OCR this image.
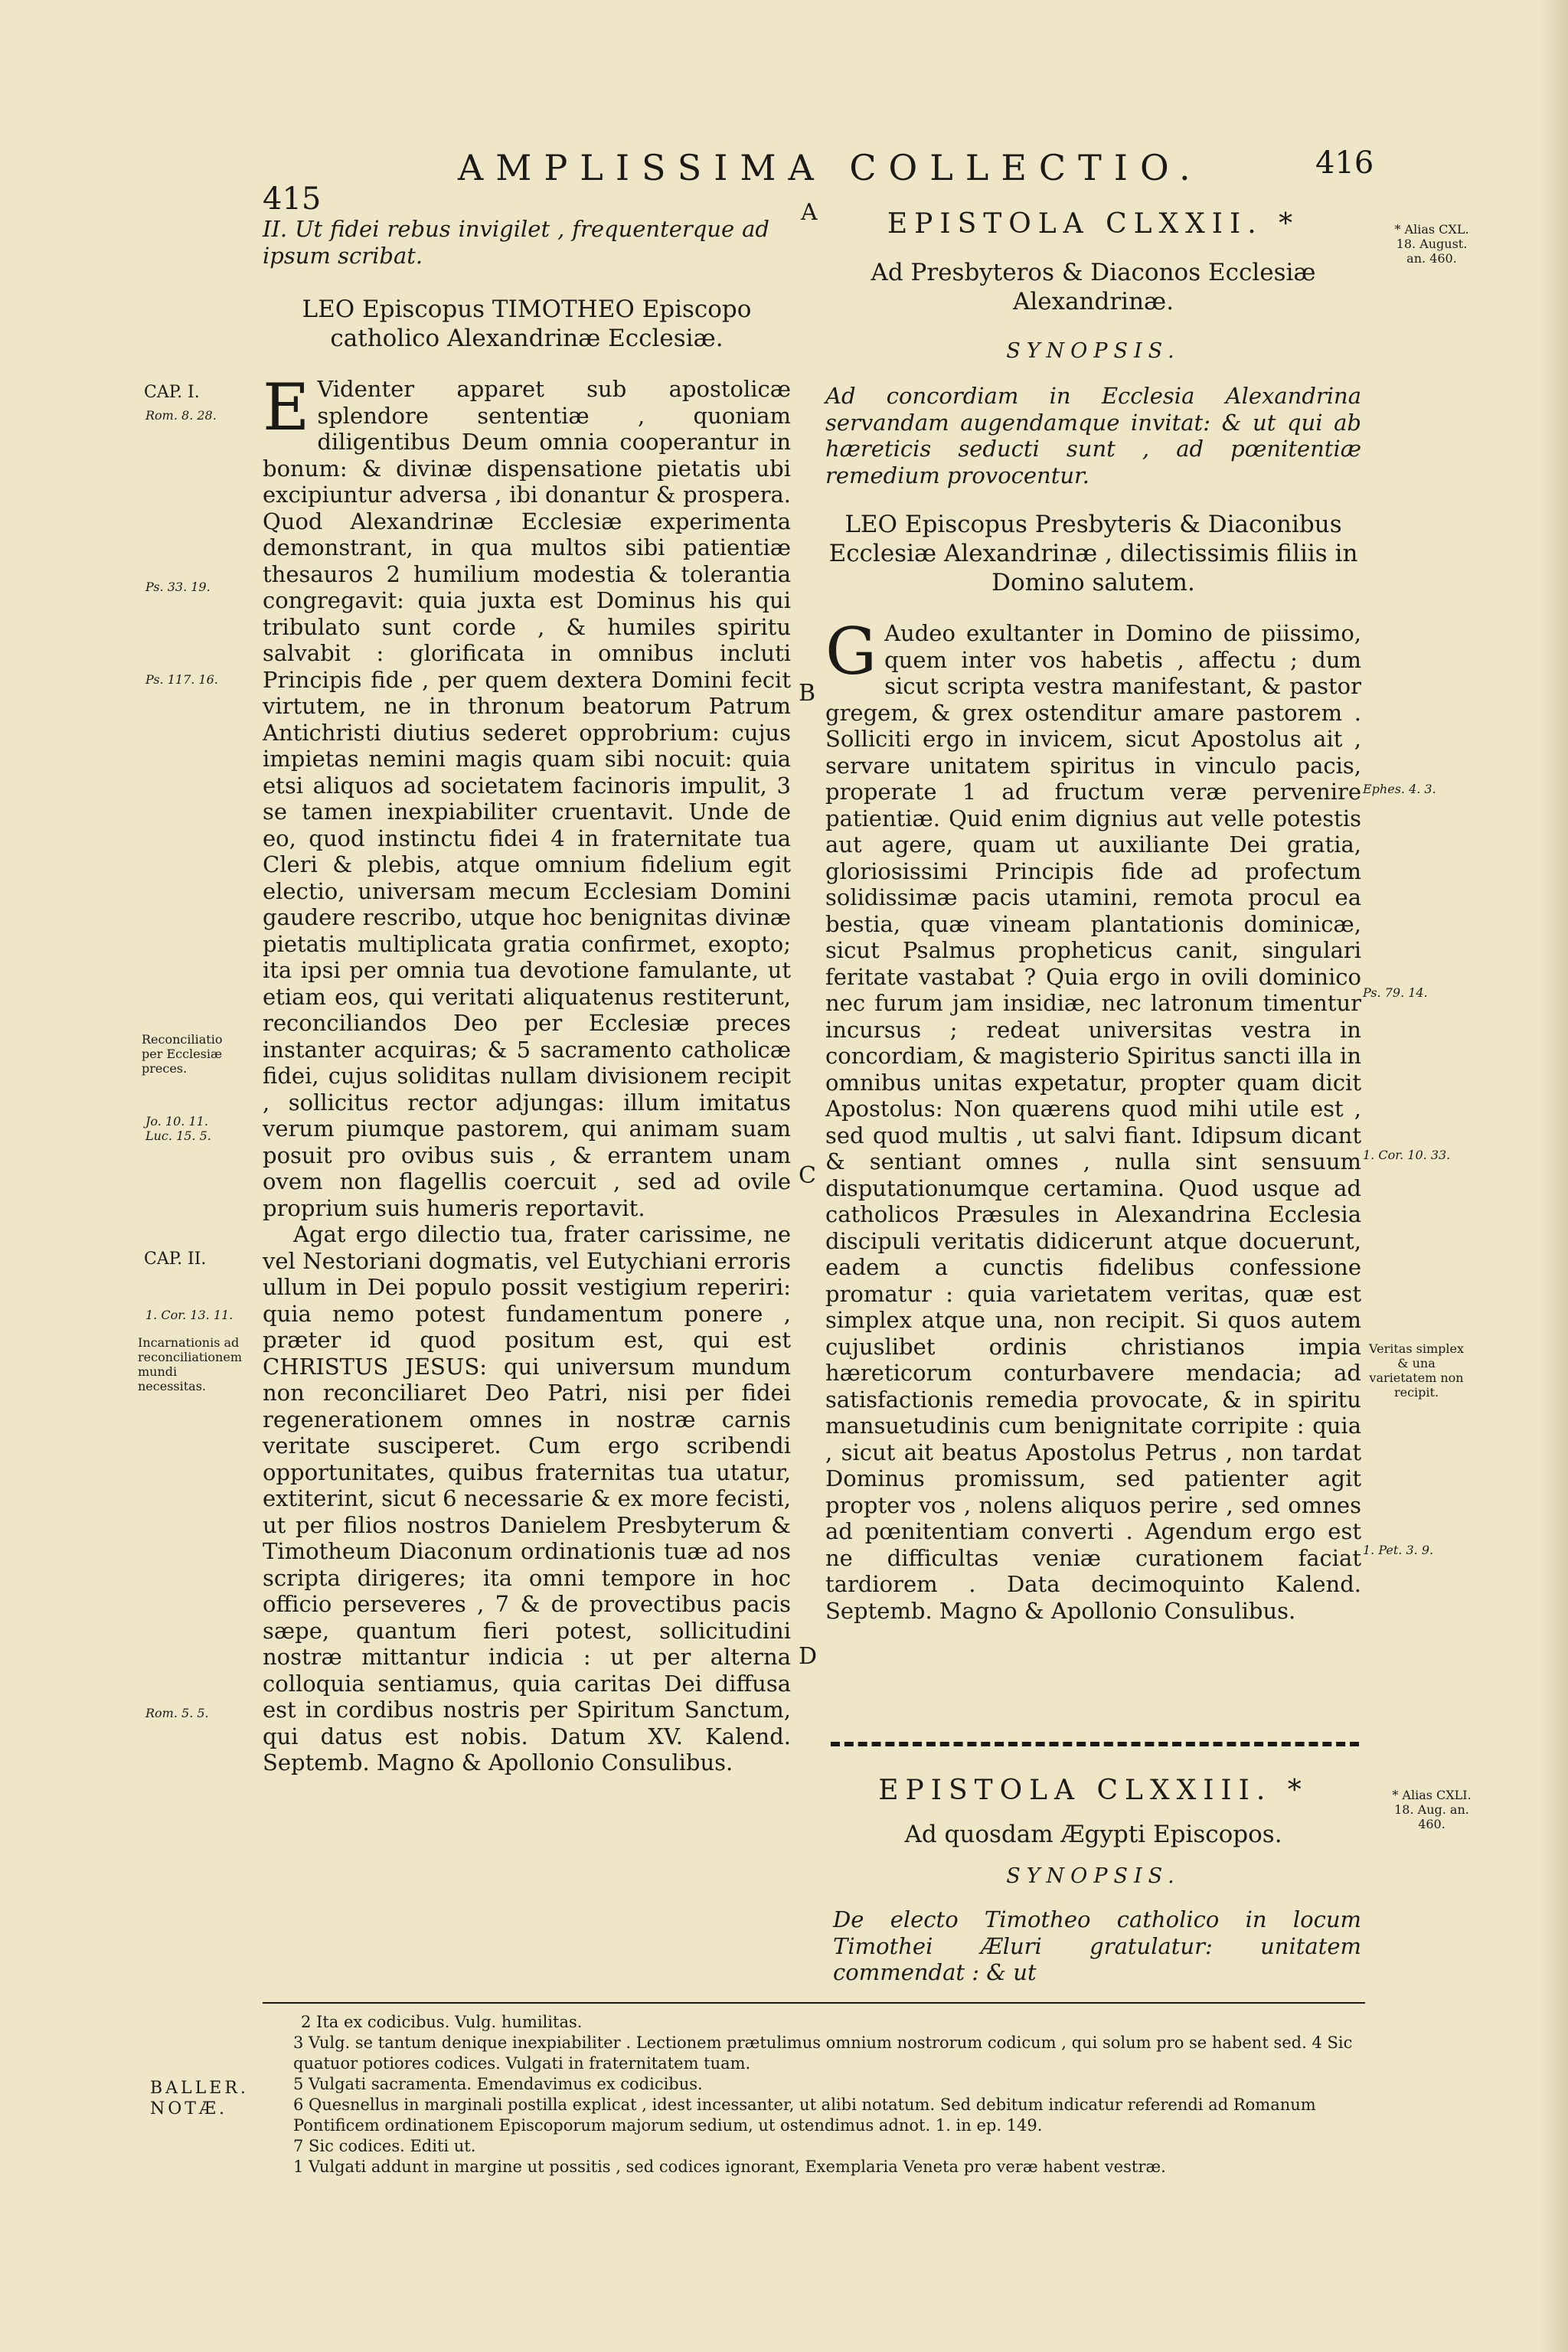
415
AMPLISSIMA COLLECTIO.	416
CAP. I.
Rom. 8. 28.
Ps. 33. 19.
Ps. 117. 16.
Reconciliatio per Ecclesiæ preces.
Jo. 10. 11. Luc. 15. 5.
CAP. II.
1. Cor. 13. 11.
Incarnationis ad reconciliationem mundi necessitas.
Rom. 5. 5.

II. Ut fidei rebus invigilet , frequenterque ad ipsum scribat.

LEO Episcopus TIMOTHEO Episcopo catholico Alexandrinæ Ecclesiæ.

E Videnter apparet sub apostolicæ splendore sententiæ , quoniam diligentibus Deum omnia cooperantur in bonum: & divinæ dispensatione pietatis ubi excipiuntur adversa , ibi donantur & prospera. Quod Alexandrinæ Ecclesiæ experimenta demonstrant, in qua multos sibi patientiæ thesauros 2 humilium modestia & tolerantia congregavit: quia juxta est Dominus his qui tribulato sunt corde , & humiles spiritu salvabit : glorificata in omnibus incluti Principis fide , per quem dextera Domini fecit virtutem, ne in thronum beatorum Patrum Antichristi diutius sederet opprobrium: cujus impietas nemini magis quam sibi nocuit: quia etsi aliquos ad societatem facinoris impulit, 3 se tamen inexpiabiliter cruentavit. Unde de eo, quod instinctu fidei 4 in fraternitate tua Cleri & plebis, atque omnium fidelium egit electio, universam mecum Ecclesiam Domini gaudere rescribo, utque hoc benignitas divinæ pietatis multiplicata gratia confirmet, exopto; ita ipsi per omnia tua devotione famulante, ut etiam eos, qui veritati aliquatenus restiterunt, reconciliandos Deo per Ecclesiæ preces instanter acquiras; & 5 sacramento catholicæ fidei, cujus soliditas nullam divisionem recipit , sollicitus rector adjungas: illum imitatus verum piumque pastorem, qui animam suam posuit pro ovibus suis , & errantem unam ovem non flagellis coercuit , sed ad ovile proprium suis humeris reportavit.

Agat ergo dilectio tua, frater carissime, ne vel Nestoriani dogmatis, vel Eutychiani erroris ullum in Dei populo possit vestigium reperiri: quia nemo potest fundamentum ponere , præter id quod positum est, qui est CHRISTUS JESUS: qui universum mundum non reconciliaret Deo Patri, nisi per fidei regenerationem omnes in nostræ carnis veritate susciperet. Cum ergo scribendi opportunitates, quibus fraternitas tua utatur, extiterint, sicut 6 necessarie & ex more fecisti, ut per filios nostros Danielem Presbyterum & Timotheum Diaconum ordinationis tuæ ad nos scripta dirigeres; ita omni tempore in hoc officio perseveres , 7 & de provectibus pacis sæpe, quantum fieri potest, sollicitudini nostræ mittantur indicia : ut per alterna colloquia sentiamus, quia caritas Dei diffusa est in cordibus nostris per Spiritum Sanctum, qui datus est nobis. Datum XV. Kalend. Septemb. Magno & Apollonio Consulibus.

A	EPISTOLA CLXXII. *

Ad Presbyteros & Diaconos Ecclesiæ Alexandrinæ.

SYNOPSIS.

Ad concordiam in Ecclesia Alexandrina servandam augendamque invitat: & ut qui ab hæreticis seducti sunt , ad pœnitentiæ remedium provocentur.

LEO Episcopus Presbyteris & Diaconibus Ecclesiæ Alexandrinæ , dilectissimis filiis in Domino salutem.

G Audeo exultanter in Domino de piissimo, quem inter vos habetis , affectu ; dum sicut scripta vestra manifestant, & pastor gregem, & grex ostenditur amare pastorem . Solliciti ergo in invicem, sicut Apostolus ait , servare unitatem spiritus in vinculo pacis, properate 1 ad fructum veræ pervenire patientiæ. Quid enim dignius aut velle potestis aut agere, quam ut auxiliante Dei gratia, gloriosissimi Principis fide ad profectum solidissimæ pacis utamini, remota procul ea bestia, quæ vineam plantationis dominicæ, sicut Psalmus propheticus canit, singulari feritate vastabat ? Quia ergo in ovili dominico nec furum jam insidiæ, nec latronum timentur incursus ; redeat universitas vestra in concordiam, & magisterio Spiritus sancti illa in omnibus unitas expetatur, propter quam dicit Apostolus: Non quærens quod mihi utile est , sed quod multis , ut salvi fiant. Idipsum dicant & sentiant omnes , nulla sint sensuum disputationumque certamina. Quod usque ad catholicos Præsules in Alexandrina Ecclesia discipuli veritatis didicerunt atque docuerunt, eadem a cunctis fidelibus confessione promatur : quia varietatem veritas, quæ est simplex atque una, non recipit. Si quos autem cujuslibet ordinis christianos impia hæreticorum conturbavere mendacia; ad satisfactionis remedia provocate, & in spiritu mansuetudinis cum benignitate corripite : quia , sicut ait beatus Apostolus Petrus , non tardat Dominus promissum, sed patienter agit propter vos , nolens aliquos perire , sed omnes ad pœnitentiam converti . Agendum ergo est ne difficultas veniæ curationem faciat tardiorem . Data decimoquinto Kalend. Septemb. Magno & Apollonio Consulibus.

B
C
D
EPISTOLA CLXXIII. *

Ad quosdam Ægypti Episcopos.

SYNOPSIS.

De electo Timotheo catholico in locum Timothei Æluri gratulatur: unitatem commendat : & ut

* Alias CXL. 18. August. an. 460.
Ephes. 4. 3.
Ps. 79. 14.
1. Cor. 10. 33.
Veritas simplex & una varietatem non recipit.
1. Pet. 3. 9.
* Alias CXLI. 18. Aug. an. 460.
BALLER. NOTÆ.

2 Ita ex codicibus. Vulg. humilitas.

3 Vulg. se tantum denique inexpiabiliter . Lectionem prætulimus omnium nostrorum codicum , qui solum pro se habent sed. 4 Sic quatuor potiores codices. Vulgati in fraternitatem tuam.

5 Vulgati sacramenta. Emendavimus ex codicibus.

6 Quesnellus in marginali postilla explicat , idest incessanter, ut alibi notatum. Sed debitum indicatur referendi ad Romanum Pontificem ordinationem Episcoporum majorum sedium, ut ostendimus adnot. 1. in ep. 149.

7 Sic codices. Editi ut.

1 Vulgati addunt in margine ut possitis , sed codices ignorant, Exemplaria Veneta pro veræ habent vestræ.
